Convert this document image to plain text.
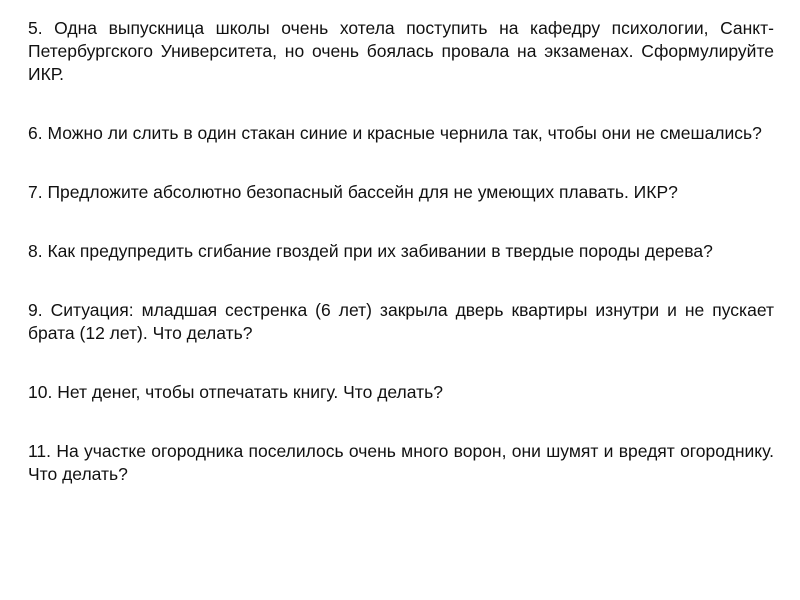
5. Одна выпускница школы очень хотела поступить на кафедру психологии, Санкт-Петербургского Университета, но очень боялась провала на экзаменах. Сформулируйте ИКР.
6. Можно ли слить в один стакан синие и красные чернила так, чтобы они не смешались?
7. Предложите абсолютно безопасный бассейн для не умеющих плавать. ИКР?
8. Как предупредить сгибание гвоздей при их забивании в твердые породы дерева?
9. Ситуация: младшая сестренка (6 лет) закрыла дверь квартиры изнутри и не пускает брата (12 лет). Что делать?
10. Нет денег, чтобы отпечатать книгу. Что делать?
11. На участке огородника поселилось очень много ворон, они шумят и вредят огороднику. Что делать?
